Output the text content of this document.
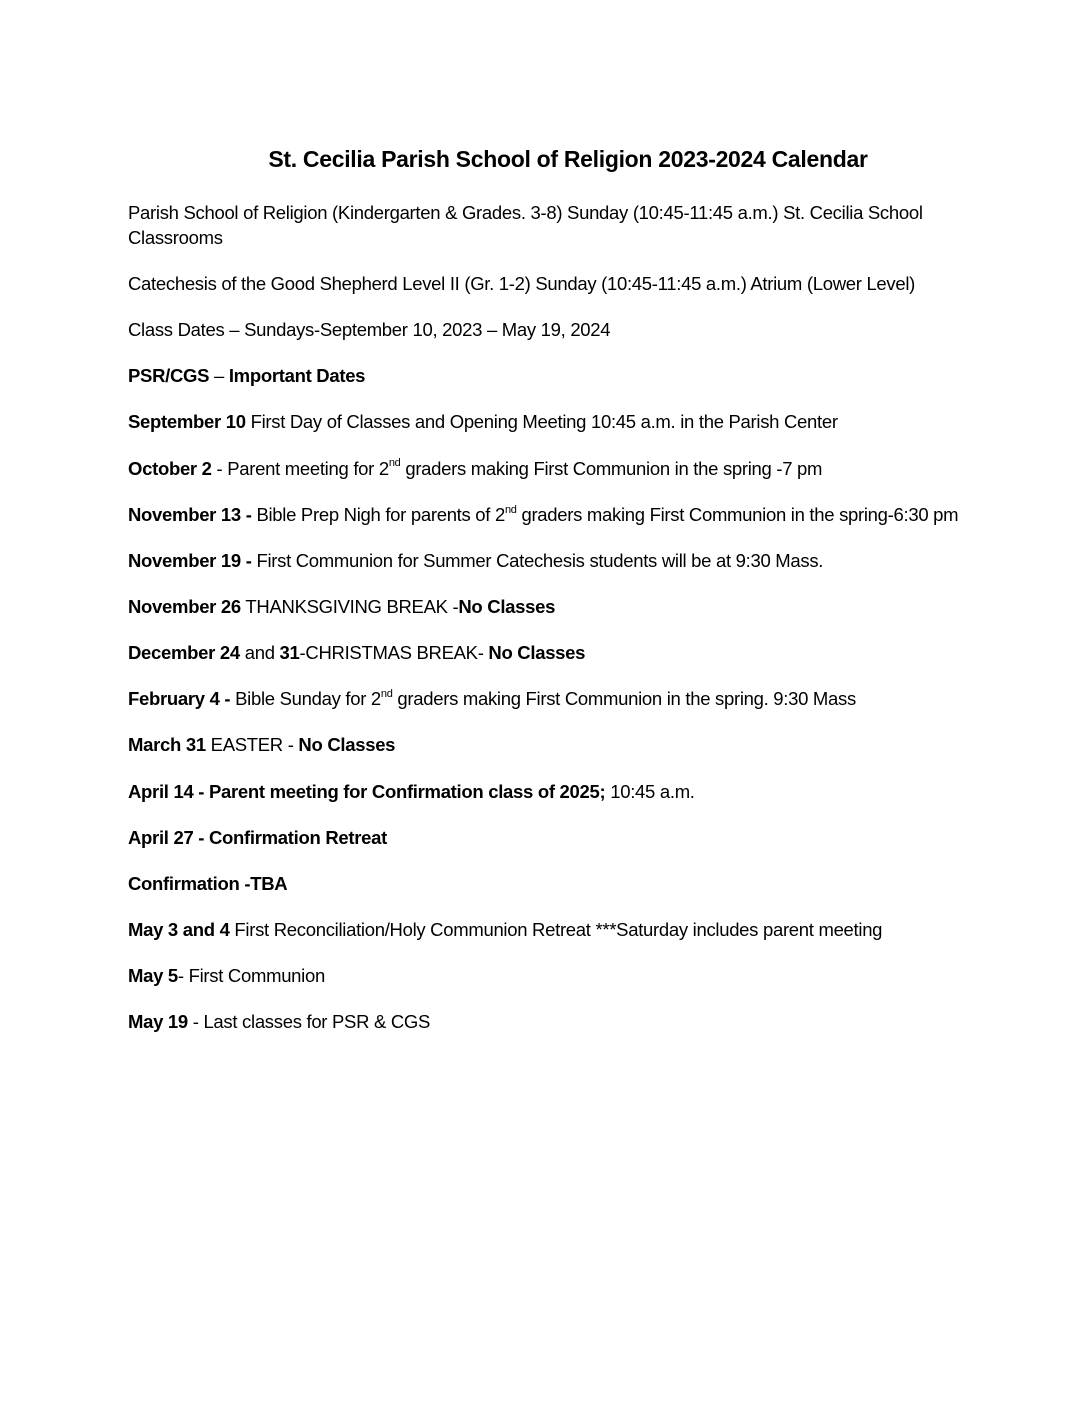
St. Cecilia Parish School of Religion 2023-2024 Calendar

Parish School of Religion (Kindergarten & Grades. 3-8) Sunday (10:45-11:45 a.m.) St. Cecilia School Classrooms

Catechesis of the Good Shepherd Level II (Gr. 1-2) Sunday (10:45-11:45 a.m.) Atrium (Lower Level)

Class Dates – Sundays-September 10, 2023 – May 19, 2024

PSR/CGS – Important Dates

September 10 First Day of Classes and Opening Meeting 10:45 a.m. in the Parish Center

October 2 - Parent meeting for 2nd graders making First Communion in the spring -7 pm

November 13 - Bible Prep Nigh for parents of 2nd graders making First Communion in the spring-6:30 pm

November 19 - First Communion for Summer Catechesis students will be at 9:30 Mass.

November 26 THANKSGIVING BREAK -No Classes

December 24 and 31-CHRISTMAS BREAK- No Classes

February 4 - Bible Sunday for 2nd graders making First Communion in the spring. 9:30 Mass

March 31 EASTER - No Classes

April 14 - Parent meeting for Confirmation class of 2025; 10:45 a.m.

April 27 - Confirmation Retreat

Confirmation -TBA

May 3 and 4 First Reconciliation/Holy Communion Retreat ***Saturday includes parent meeting

May 5- First Communion

May 19 - Last classes for PSR & CGS
